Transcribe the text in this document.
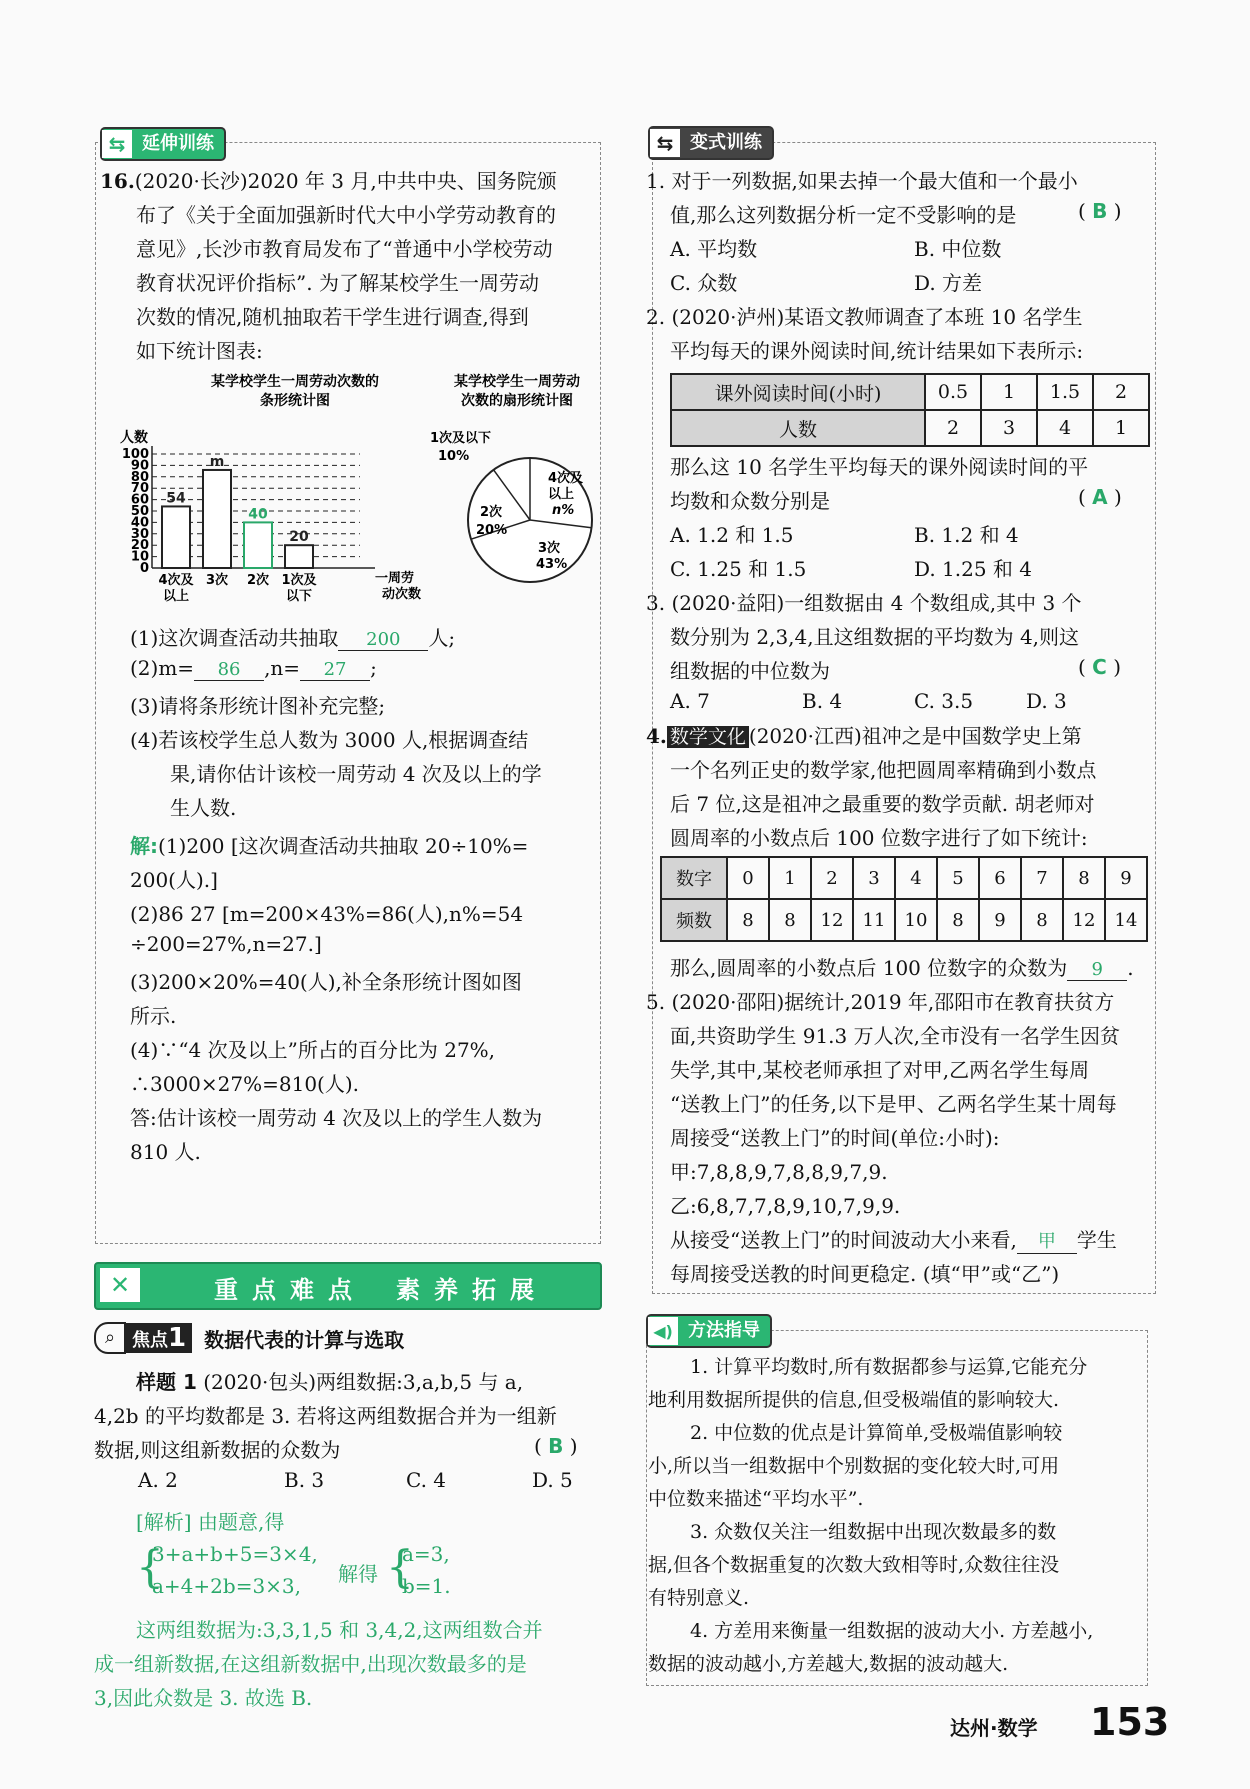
⇆ 延伸训练
16.(2020·长沙)2020 年 3 月,中共中央、国务院颁
布了《关于全面加强新时代大中小学劳动教育的
意见》,长沙市教育局发布了“普通中小学校劳动
教育状况评价指标”. 为了解某校学生一周劳动
次数的情况,随机抽取若干学生进行调查,得到
如下统计图表:
某学校学生一周劳动次数的
条形统计图
人数
0
10
20
30
40
50
60
70
80
90
100
一周劳
动次数
54
4次及
以上
m
3次
40
2次
20
1次及
以下
某学校学生一周劳动
次数的扇形统计图
1次及以下
10%
4次及
以上
n%
3次
43%
2次
20%
(1)这次调查活动共抽取 200 人;
(2)m= 86 ,n= 27 ;
(3)请将条形统计图补充完整;
(4)若该校学生总人数为 3000 人,根据调查结
果,请你估计该校一周劳动 4 次及以上的学
生人数.
解:(1)200 [这次调查活动共抽取 20÷10%=
200(人).]
(2)86 27 [m=200×43%=86(人),n%=54
÷200=27%,n=27.]
(3)200×20%=40(人),补全条形统计图如图
所示.
(4)∵“4 次及以上”所占的百分比为 27%,
∴3000×27%=810(人).
答:估计该校一周劳动 4 次及以上的学生人数为
810 人.
✕	重点难点 素养拓展
⌕ 焦点1 数据代表的计算与选取
样题 1 (2020·包头)两组数据:3,a,b,5 与 a,
4,2b 的平均数都是 3. 若将这两组数据合并为一组新
数据,则这组新数据的众数为	( B )
A. 2	B. 3	C. 4	D. 5
[解析] 由题意,得
{
3+a+b+5=3×4,
a+4+2b=3×3, 解得 {
a=3,
b=1.
这两组数据为:3,3,1,5 和 3,4,2,这两组数合并
成一组新数据,在这组新数据中,出现次数最多的是
3,因此众数是 3. 故选 B.
⇆ 变式训练
1. 对于一列数据,如果去掉一个最大值和一个最小
值,那么这列数据分析一定不受影响的是	( B )
A. 平均数	B. 中位数
C. 众数	D. 方差
2. (2020·泸州)某语文教师调查了本班 10 名学生
平均每天的课外阅读时间,统计结果如下表所示:
课外阅读时间(小时)	0.5	1	1.5	2
人数	2	3	4	1
那么这 10 名学生平均每天的课外阅读时间的平
均数和众数分别是	( A )
A. 1.2 和 1.5	B. 1.2 和 4
C. 1.25 和 1.5	D. 1.25 和 4
3. (2020·益阳)一组数据由 4 个数组成,其中 3 个
数分别为 2,3,4,且这组数据的平均数为 4,则这
组数据的中位数为	( C )
A. 7	B. 4	C. 3.5	D. 3
4. 数学文化 (2020·江西)祖冲之是中国数学史上第
一个名列正史的数学家,他把圆周率精确到小数点
后 7 位,这是祖冲之最重要的数学贡献. 胡老师对
圆周率的小数点后 100 位数字进行了如下统计:
数字	0	1	2	3	4	5	6	7	8	9
频数	8	8	12	11	10	8	9	8	12	14
那么,圆周率的小数点后 100 位数字的众数为 9 .
5. (2020·邵阳)据统计,2019 年,邵阳市在教育扶贫方
面,共资助学生 91.3 万人次,全市没有一名学生因贫
失学,其中,某校老师承担了对甲,乙两名学生每周
“送教上门”的任务,以下是甲、乙两名学生某十周每
周接受“送教上门”的时间(单位:小时):
甲:7,8,8,9,7,8,8,9,7,9.
乙:6,8,7,7,8,9,10,7,9,9.
从接受“送教上门”的时间波动大小来看, 甲 学生
每周接受送教的时间更稳定. (填“甲”或“乙”)
◀) 方法指导
1. 计算平均数时,所有数据都参与运算,它能充分
地利用数据所提供的信息,但受极端值的影响较大.
2. 中位数的优点是计算简单,受极端值影响较
小,所以当一组数据中个别数据的变化较大时,可用
中位数来描述“平均水平”.
3. 众数仅关注一组数据中出现次数最多的数
据,但各个数据重复的次数大致相等时,众数往往没
有特别意义.
4. 方差用来衡量一组数据的波动大小. 方差越小,
数据的波动越小,方差越大,数据的波动越大.
达州·数学 153
